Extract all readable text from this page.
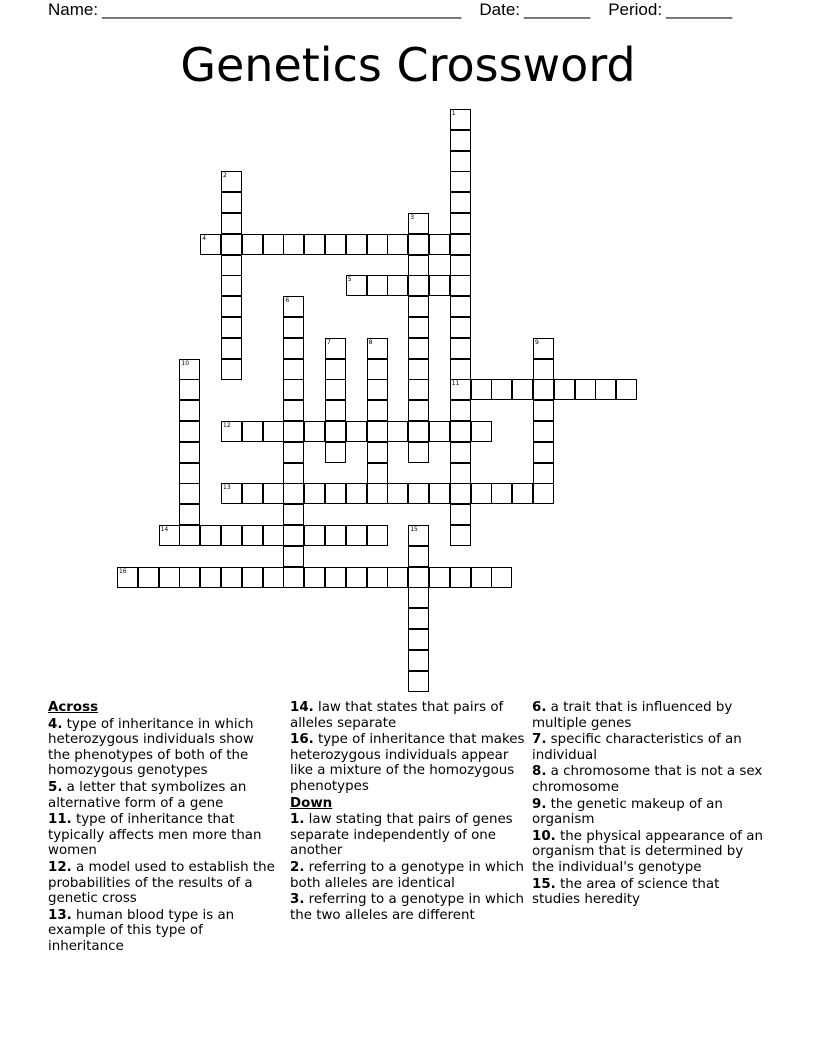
Name: ______________________________________ Date: _______ Period: _______
Genetics Crossword
1
11
2
3
4
5
6
7	8	9
10
12
13
14	15
16
Across
4. type of inheritance in which heterozygous individuals show the phenotypes of both of the homozygous genotypes
5. a letter that symbolizes an alternative form of a gene
11. type of inheritance that typically affects men more than women
12. a model used to establish the probabilities of the results of a genetic cross
13. human blood type is an example of this type of inheritance
14. law that states that pairs of alleles separate
16. type of inheritance that makes heterozygous individuals appear like a mixture of the homozygous phenotypes
Down
1. law stating that pairs of genes separate independently of one another
2. referring to a genotype in which both alleles are identical
3. referring to a genotype in which the two alleles are different
6. a trait that is influenced by multiple genes
7. specific characteristics of an individual
8. a chromosome that is not a sex chromosome
9. the genetic makeup of an organism
10. the physical appearance of an organism that is determined by the individual's genotype
15. the area of science that studies heredity
